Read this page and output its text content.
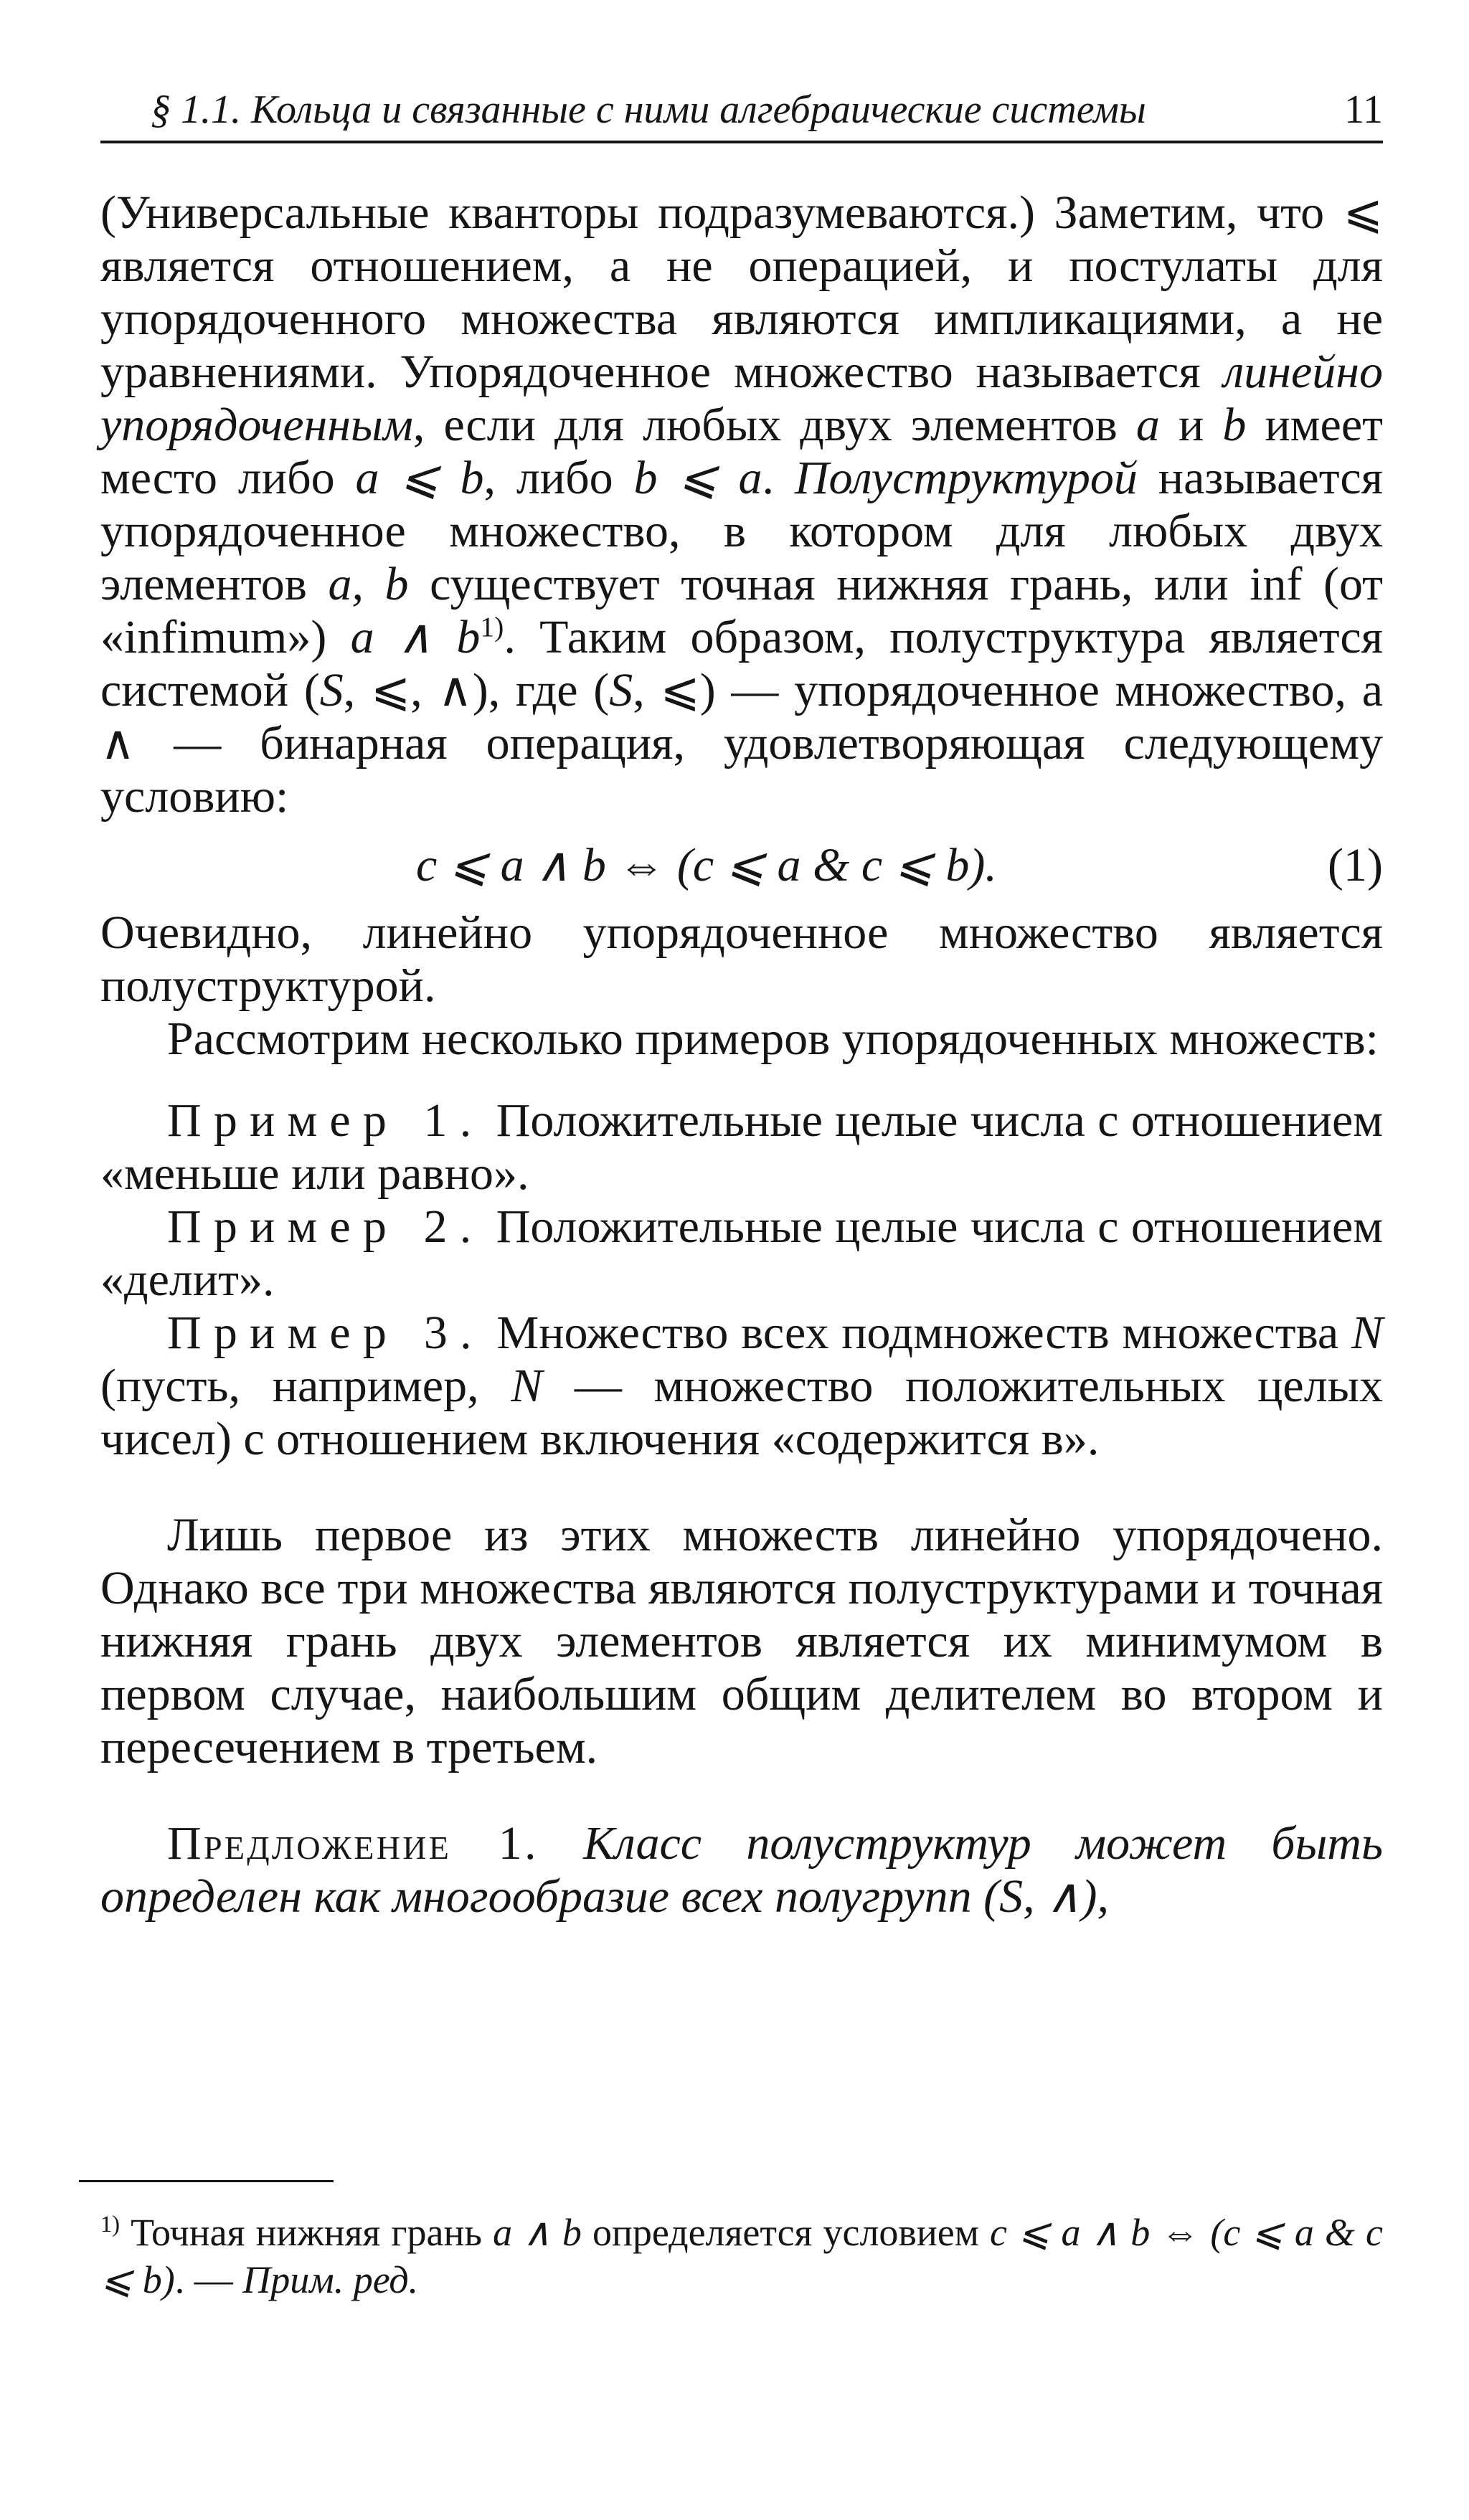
§ 1.1. Кольца и связанные с ними алгебраические системы	11

(Универсальные кванторы подразумеваются.) Заметим, что ⩽ является отношением, а не операцией, и постулаты для упорядоченного множества являются импликациями, а не уравнениями. Упорядоченное множество называется линейно упорядоченным, если для любых двух элементов a и b имеет место либо a ⩽ b, либо b ⩽ a. Полуструктурой называется упорядоченное множество, в котором для любых двух элементов a, b существует точная нижняя грань, или inf (от «infimum») a ∧ $b^{1)}$. Таким образом, полуструктура является системой (S, ⩽, ∧), где (S, ⩽) — упорядоченное множество, а ∧ — бинарная операция, удовлетворяющая следующему условию:

c ⩽ a ∧ b ⇔ (c ⩽ a & c ⩽ b).	(1)

Очевидно, линейно упорядоченное множество является полуструктурой.

Рассмотрим несколько примеров упорядоченных множеств:

Пример 1. Положительные целые числа с отношением «меньше или равно».

Пример 2. Положительные целые числа с отношением «делит».

Пример 3. Множество всех подмножеств множества N (пусть, например, N — множество положительных целых чисел) с отношением включения «содержится в».

Лишь первое из этих множеств линейно упорядочено. Однако все три множества являются полуструктурами и точная нижняя грань двух элементов является их минимумом в первом случае, наибольшим общим делителем во втором и пересечением в третьем.

Предложение 1. Класс полуструктур может быть определен как многообразие всех полугрупп (S, ∧),

$^{1)}$ Точная нижняя грань a ∧ b определяется условием c ⩽ a ∧ b ⇔ (c ⩽ a & c ⩽ b). — Прим. ред.
